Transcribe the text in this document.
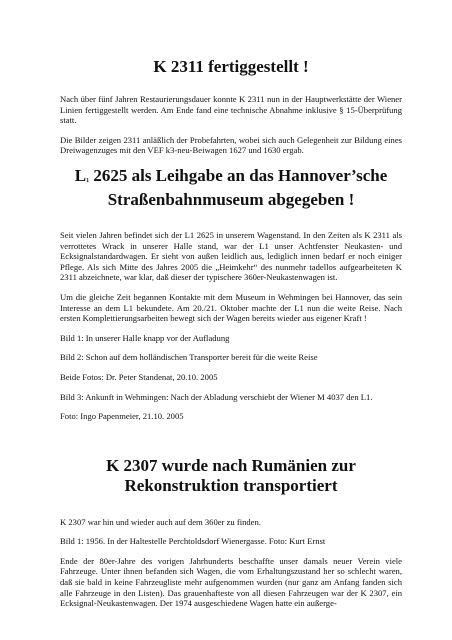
K 2311 fertiggestellt !

Nach über fünf Jahren Restaurierungsdauer konnte K 2311 nun in der Hauptwerkstätte der Wiener Linien fertiggestellt werden. Am Ende fand eine technische Abnahme inklusive § 15-Überprüfung statt.

Die Bilder zeigen 2311 anläßlich der Probefahrten, wobei sich auch Gelegenheit zur Bildung eines Dreiwagenzuges mit den VEF k3-neu-Beiwagen 1627 und 1630 ergab.

$L_1$ 2625 als Leihgabe an das Hannover’sche Straßenbahnmuseum abgegeben !

Seit vielen Jahren befindet sich der L1 2625 in unserem Wagenstand. In den Zeiten als K 2311 als verrottetes Wrack in unserer Halle stand, war der L1 unser Achtfenster Neukasten- und Ecksignalstandardwagen. Er sieht von außen leidlich aus, lediglich innen bedarf er noch einiger Pflege. Als sich Mitte des Jahres 2005 die „Heimkehr“ des nunmehr tadellos aufgearbeiteten K 2311 abzeichnete, war klar, daß dieser der typischere 360er-Neukastenwagen ist.

Um die gleiche Zeit begannen Kontakte mit dem Museum in Wehmingen bei Hannover, das sein Interesse an dem L1 bekundete. Am 20./21. Oktober machte der L1 nun die weite Reise. Nach ersten Komplettierungsarbeiten bewegt sich der Wagen bereits wieder aus eigener Kraft !

Bild 1: In unserer Halle knapp vor der Aufladung

Bild 2: Schon auf dem holländischen Transporter bereit für die weite Reise

Beide Fotos: Dr. Peter Standenat, 20.10. 2005

Bild 3: Ankunft in Wehmingen: Nach der Abladung verschiebt der Wiener M 4037 den L1.

Foto: Ingo Papenmeier, 21.10. 2005

K 2307 wurde nach Rumänien zur Rekonstruktion transportiert

K 2307 war hin und wieder auch auf dem 360er zu finden.

Bild 1: 1956. In der Haltestelle Perchtoldsdorf Wienergasse. Foto: Kurt Ernst

Ende der 80er-Jahre des vorigen Jahrhunderts beschaffte unser damals neuer Verein viele Fahrzeuge. Unter ihnen befanden sich Wagen, die vom Erhaltungszustand her so schlecht waren, daß sie bald in keine Fahrzeugliste mehr aufgenommen wurden (nur ganz am Anfang fanden sich alle Fahrzeuge in den Listen). Das grauenhafteste von all diesen Fahrzeugen war der K 2307, ein Ecksignal-Neukastenwagen. Der 1974 ausgeschiedene Wagen hatte ein außerge-
